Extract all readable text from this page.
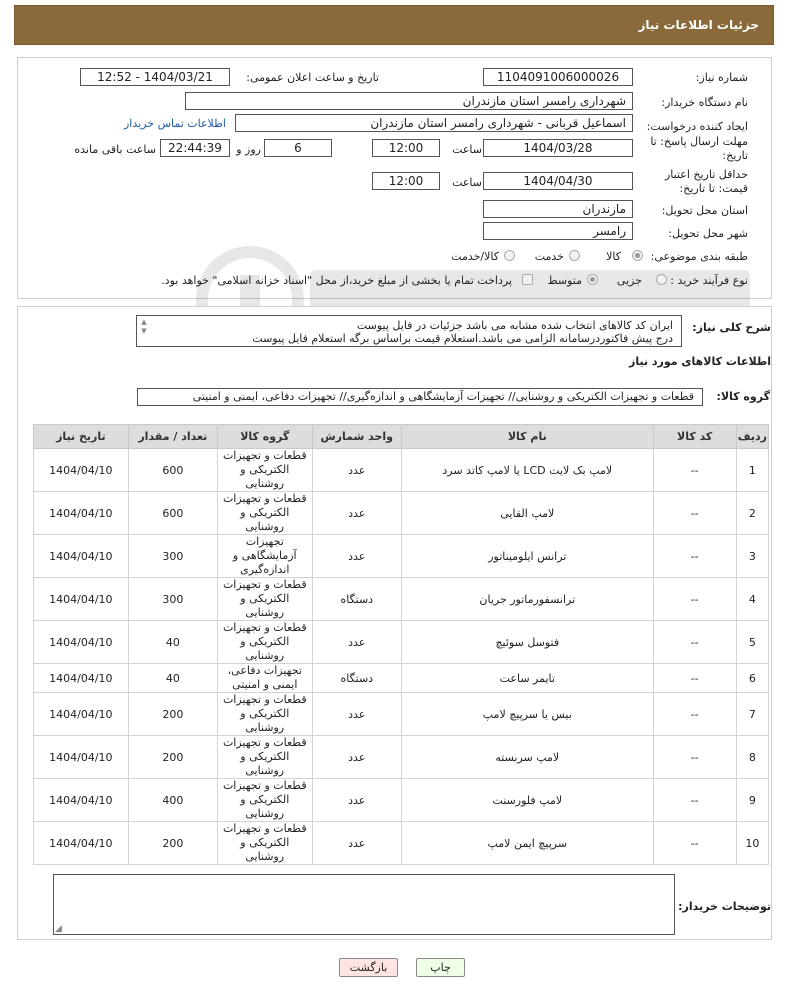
جزئیات اطلاعات نیاز
شماره نیاز:
1104091006000026
تاریخ و ساعت اعلان عمومی:
1404/03/21 - 12:52
نام دستگاه خریدار:
شهرداری رامسر استان مازندران
ایجاد کننده درخواست:
اسماعیل قربانی - شهرداری رامسر استان مازندران
اطلاعات تماس خریدار
مهلت ارسال پاسخ: تا تاریخ:
1404/03/28
ساعت
12:00
6
روز و
22:44:39
ساعت باقی مانده
حداقل تاریخ اعتبار قیمت: تا تاریخ:
1404/04/30
ساعت
12:00
استان محل تحویل:
مازندران
شهر محل تحویل:
رامسر
طبقه بندی موضوعی:
کالا
خدمت
کالا/خدمت
نوع فرآیند خرید :
جزیی
متوسط
پرداخت تمام یا بخشی از مبلغ خرید،از محل "اسناد خزانه اسلامی" خواهد بود.
شرح کلی نیاز:
ایران کد کالاهای انتخاب شده مشابه می باشد جزئیات در فایل پیوست
درج پیش فاکتوردرسامانه الزامی می باشد.استعلام قیمت براساس برگه استعلام فایل پیوست
▲
▼
اطلاعات کالاهای مورد نیاز
گروه کالا:
قطعات و تجهیزات الکتریکی و روشنایی// تجهیزات آزمایشگاهی و اندازه‌گیری// تجهیزات دفاعی، ایمنی و امنیتی
ردیف	کد کالا	نام کالا	واحد شمارش	گروه کالا	تعداد / مقدار	تاریخ نیاز
1	--	لامپ بک لایت LCD یا لامپ کاتد سرد	عدد	قطعات و تجهیزات الکتریکی و روشنایی	600	1404/04/10
2	--	لامپ القایی	عدد	قطعات و تجهیزات الکتریکی و روشنایی	600	1404/04/10
3	--	ترانس ایلومیناتور	عدد	تجهیزات آزمایشگاهی و اندازه‌گیری	300	1404/04/10
4	--	ترانسفورماتور جریان	دستگاه	قطعات و تجهیزات الکتریکی و روشنایی	300	1404/04/10
5	--	فتوسل سوئیچ	عدد	قطعات و تجهیزات الکتریکی و روشنایی	40	1404/04/10
6	--	تایمر ساعت	دستگاه	تجهیزات دفاعی، ایمنی و امنیتی	40	1404/04/10
7	--	بیس یا سرپیچ لامپ	عدد	قطعات و تجهیزات الکتریکی و روشنایی	200	1404/04/10
8	--	لامپ سربسته	عدد	قطعات و تجهیزات الکتریکی و روشنایی	200	1404/04/10
9	--	لامپ فلورسنت	عدد	قطعات و تجهیزات الکتریکی و روشنایی	400	1404/04/10
10	--	سرپیچ ایمن لامپ	عدد	قطعات و تجهیزات الکتریکی و روشنایی	200	1404/04/10
توضیحات خریدار:
◢
چاپ
بازگشت
